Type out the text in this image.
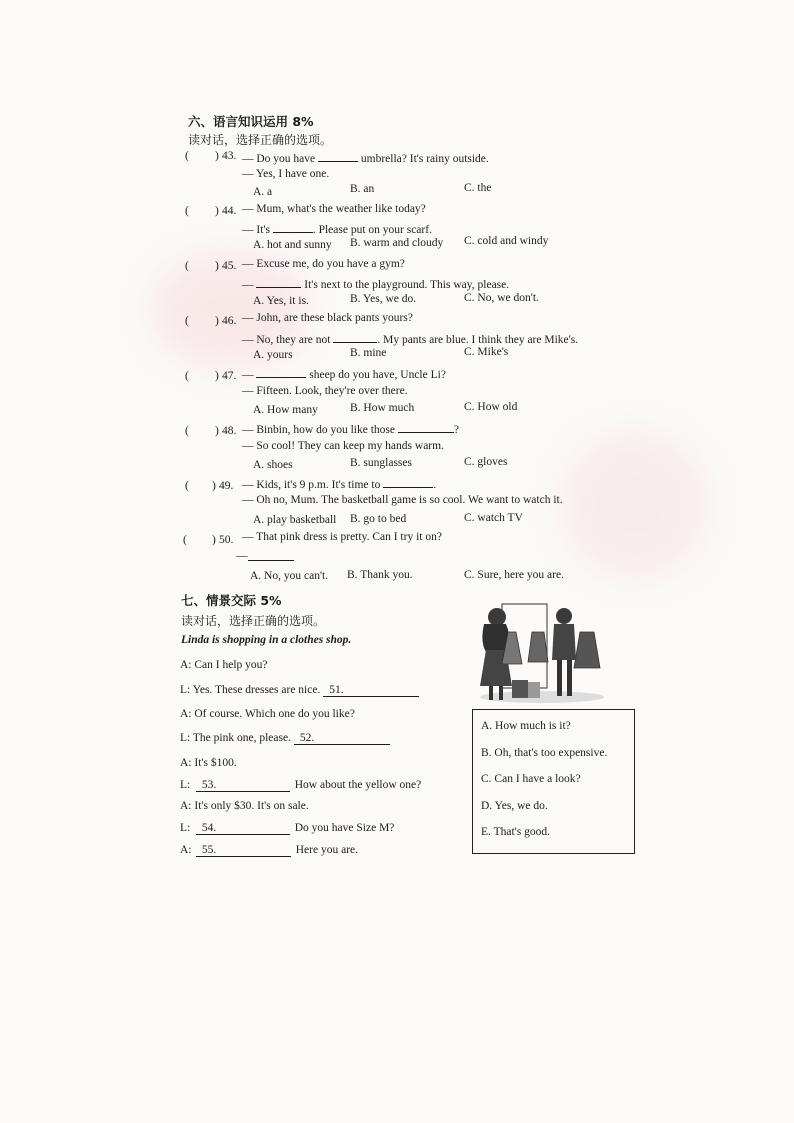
六、语言知识运用 8%
读对话，选择正确的选项。
( ) 43. — Do you have	umbrella? It's rainy outside.
— Yes, I have one.
A. a	B. an	C. the
( ) 44. — Mum, what's the weather like today?
— It's	. Please put on your scarf.
A. hot and sunny B. warm and cloudy C. cold and windy
( ) 45. — Excuse me, do you have a gym?
—	It's next to the playground. This way, please.
A. Yes, it is.	B. Yes, we do.	C. No, we don't.
( ) 46. — John, are these black pants yours?
— No, they are not	. My pants are blue. I think they are Mike's.
A. yours	B. mine	C. Mike's
( ) 47. —	sheep do you have, Uncle Li?
— Fifteen. Look, they're over there.
A. How many	B. How much	C. How old
( ) 48. — Binbin, how do you like those	?
— So cool! They can keep my hands warm.
A. shoes	B. sunglasses	C. gloves
( ) 49. — Kids, it's 9 p.m. It's time to	.
— Oh no, Mum. The basketball game is so cool. We want to watch it.
A. play basketball B. go to bed	C. watch TV
( ) 50. — That pink dress is pretty. Can I try it on?
—
A. No, you can't. B. Thank you.	C. Sure, here you are.
七、情景交际 5%
读对话，选择正确的选项。
Linda is shopping in a clothes shop.
A: Can I help you?
L: Yes. These dresses are nice. 51.
A: Of course. Which one do you like?
L: The pink one, please. 52.
A: It's $100.
L: 53.	How about the yellow one?
A: It's only $30. It's on sale.
L: 54.	Do you have Size M?
A: 55.	Here you are.
A. How much is it?
B. Oh, that's too expensive.
C. Can I have a look?
D. Yes, we do.
E. That's good.
